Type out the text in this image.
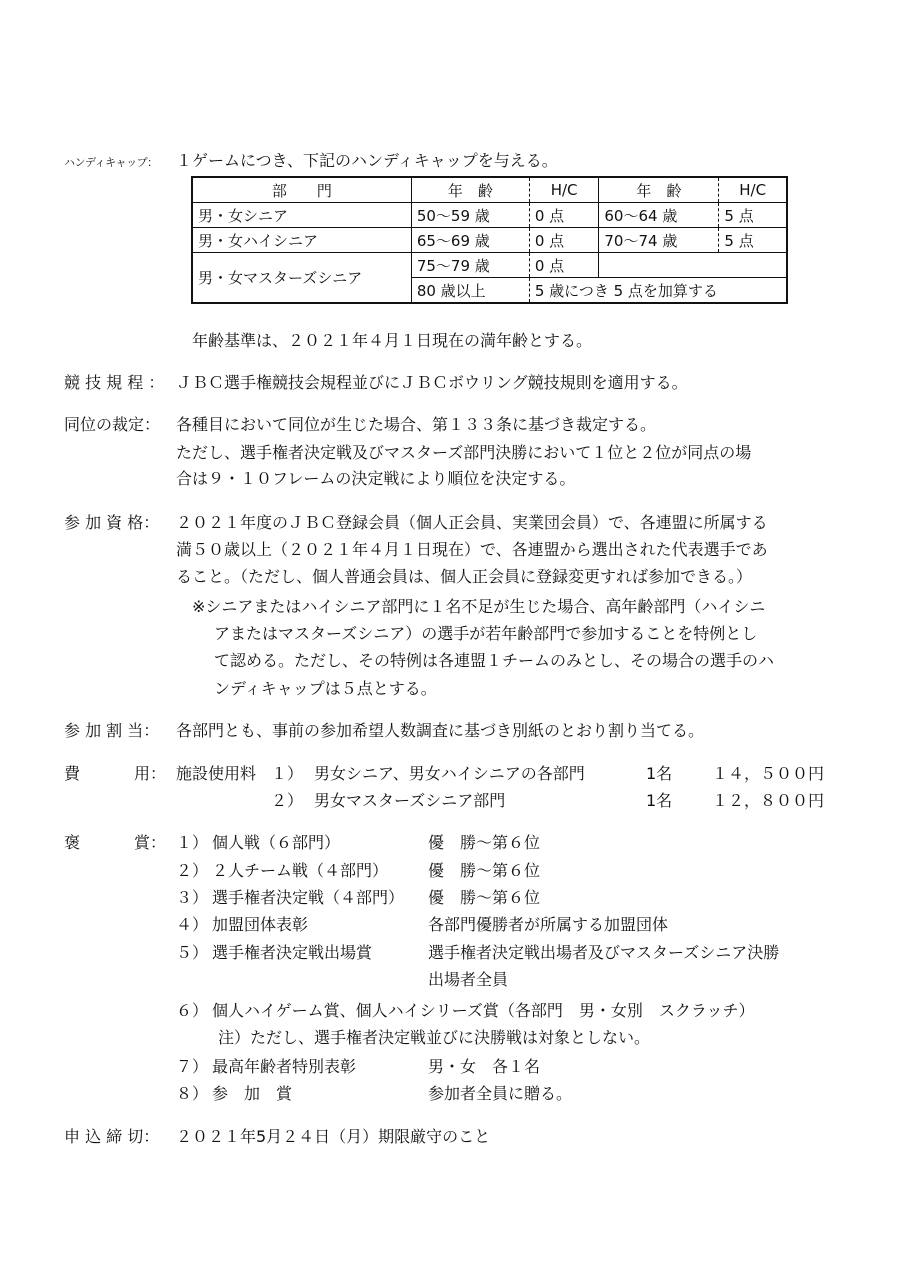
ハンディキャップ： １ゲームにつき、下記のハンディキャップを与える。
部　　門	年　齢	H/C	年　齢	H/C
男・女シニア	50～59 歳	0 点	60～64 歳	5 点
男・女ハイシニア	65～69 歳	0 点	70～74 歳	5 点
男・女マスターズシニア	75～79 歳	0 点		
	80 歳以上	5 歳につき 5 点を加算する		
年齢基準は、２０２１年４月１日現在の満年齢とする。
競 技 規 程 ： ＪＢＣ選手権競技会規程並びにＪＢＣボウリング競技規則を適用する。
同位の裁定： 各種目において同位が生じた場合、第１３３条に基づき裁定する。
ただし、選手権者決定戦及びマスターズ部門決勝において１位と２位が同点の場
合は９・１０フレームの決定戦により順位を決定する。
参 加 資 格： ２０２１年度のＪＢＣ登録会員（個人正会員、実業団会員）で、各連盟に所属する
満５０歳以上（２０２１年４月１日現在）で、各連盟から選出された代表選手であ
ること。（ただし、個人普通会員は、個人正会員に登録変更すれば参加できる。）
※シニアまたはハイシニア部門に１名不足が生じた場合、高年齢部門（ハイシニ
アまたはマスターズシニア）の選手が若年齢部門で参加することを特例とし
て認める。ただし、その特例は各連盟１チームのみとし、その場合の選手のハ
ンディキャップは５点とする。
参 加 割 当： 各部門とも、事前の参加希望人数調査に基づき別紙のとおり割り当てる。
費	用： 施設使用料 １） 男女シニア、男女ハイシニアの各部門	1名 １４，５００円
２） 男女マスターズシニア部門	1名 １２，８００円
褒	賞： １） 個人戦（６部門）	優　勝～第６位
２） ２人チーム戦（４部門） 優　勝～第６位
３） 選手権者決定戦（４部門） 優　勝～第６位
４） 加盟団体表彰	各部門優勝者が所属する加盟団体
５） 選手権者決定戦出場賞	選手権者決定戦出場者及びマスターズシニア決勝
出場者全員
６） 個人ハイゲーム賞、個人ハイシリーズ賞（各部門　男・女別　スクラッチ）
注）ただし、選手権者決定戦並びに決勝戦は対象としない。
７） 最高年齢者特別表彰	男・女　各１名
８） 参　加　賞	参加者全員に贈る。
申 込 締 切： ２０２１年5月２４日（月）期限厳守のこと
